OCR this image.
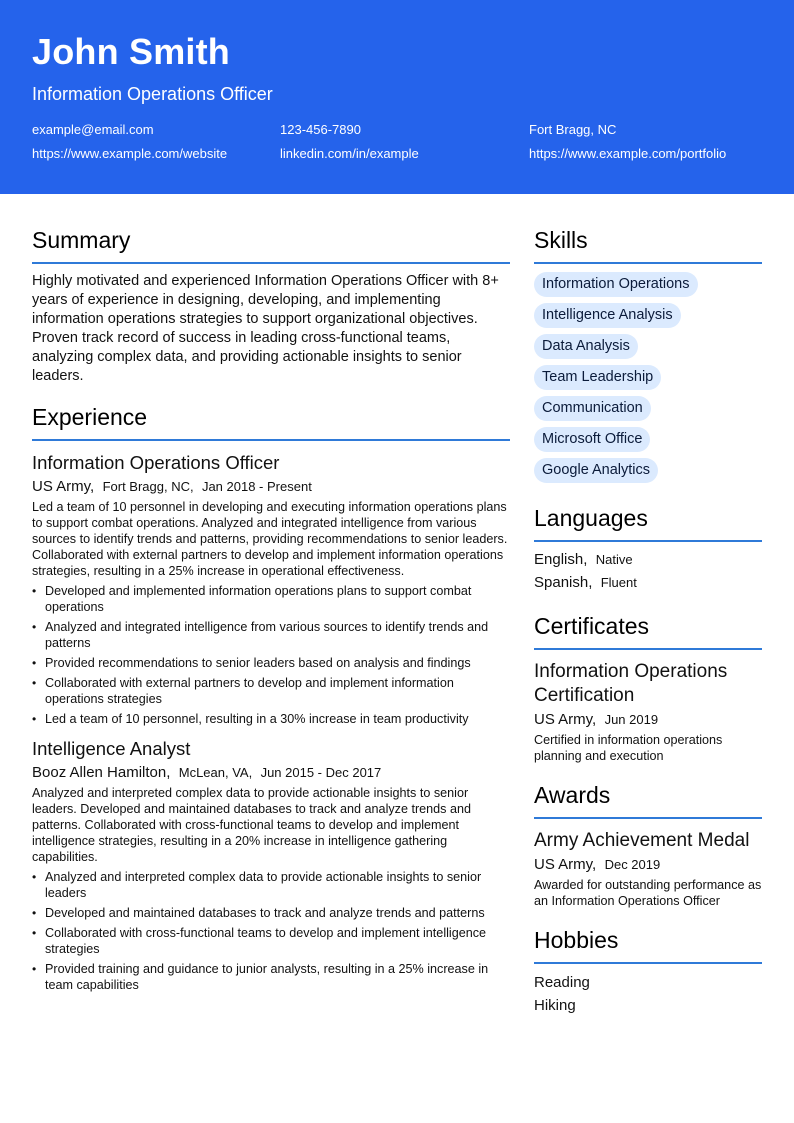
John Smith
Information Operations Officer
example@email.com	123-456-7890	Fort Bragg, NC
https://www.example.com/website	linkedin.com/in/example	https://www.example.com/portfolio
Summary

Highly motivated and experienced Information Operations Officer with 8+ years of experience in designing, developing, and implementing information operations strategies to support organizational objectives. Proven track record of success in leading cross-functional teams, analyzing complex data, and providing actionable insights to senior leaders.

Experience
Information Operations Officer
US Army, Fort Bragg, NC, Jan 2018 - Present

Led a team of 10 personnel in developing and executing information operations plans to support combat operations. Analyzed and integrated intelligence from various sources to identify trends and patterns, providing recommendations to senior leaders. Collaborated with external partners to develop and implement information operations strategies, resulting in a 25% increase in operational effectiveness.

• Developed and implemented information operations plans to support combat operations
• Analyzed and integrated intelligence from various sources to identify trends and patterns
• Provided recommendations to senior leaders based on analysis and findings
• Collaborated with external partners to develop and implement information operations strategies
• Led a team of 10 personnel, resulting in a 30% increase in team productivity
Intelligence Analyst
Booz Allen Hamilton, McLean, VA, Jun 2015 - Dec 2017

Analyzed and interpreted complex data to provide actionable insights to senior leaders. Developed and maintained databases to track and analyze trends and patterns. Collaborated with cross-functional teams to develop and implement intelligence strategies, resulting in a 20% increase in intelligence gathering capabilities.

• Analyzed and interpreted complex data to provide actionable insights to senior leaders
• Developed and maintained databases to track and analyze trends and patterns
• Collaborated with cross-functional teams to develop and implement intelligence strategies
• Provided training and guidance to junior analysts, resulting in a 25% increase in team capabilities
Skills
Information Operations
Intelligence Analysis
Data Analysis
Team Leadership
Communication
Microsoft Office
Google Analytics
Languages
English, Native
Spanish, Fluent
Certificates
Information Operations Certification
US Army, Jun 2019

Certified in information operations planning and execution

Awards
Army Achievement Medal
US Army, Dec 2019

Awarded for outstanding performance as an Information Operations Officer

Hobbies
Reading
Hiking
